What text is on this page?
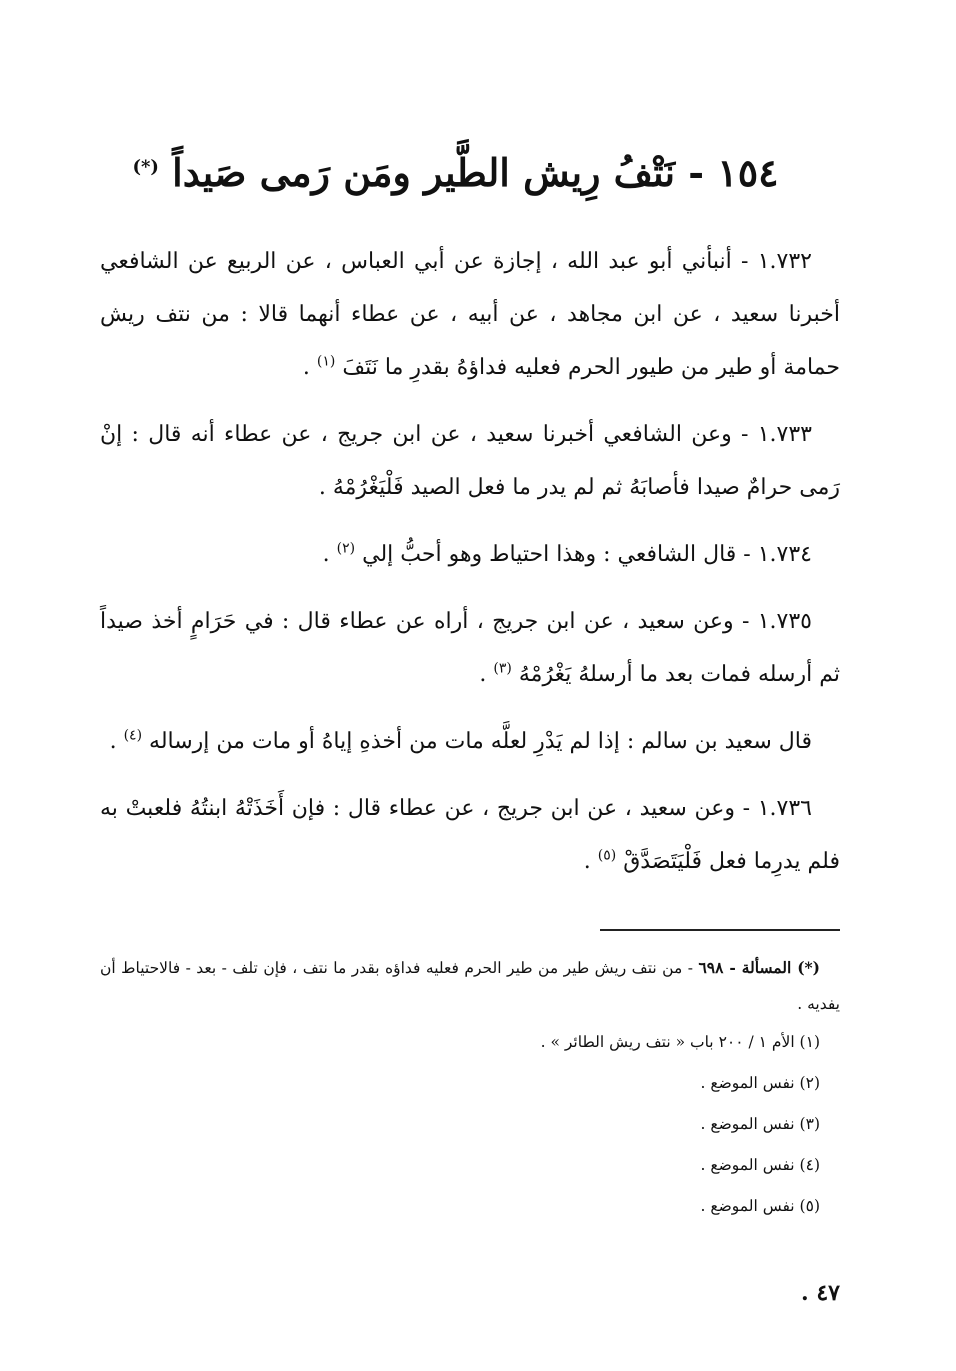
١٥٤ - نَتْفُ رِيش الطَّير ومَن رَمى صَيداً (*)

١.٧٣٢ - أنبأني أبو عبد الله ، إجازة عن أبي العباس ، عن الربيع عن الشافعي أخبرنا سعيد ، عن ابن مجاهد ، عن أبيه ، عن عطاء أنهما قالا : من نتف ريش حمامة أو طير من طيور الحرم فعليه فداؤهُ بقدرِ ما نَتَفَ $^{(١)}$ .

١.٧٣٣ - وعن الشافعي أخبرنا سعيد ، عن ابن جريج ، عن عطاء أنه قال : إنْ رَمى حرامٌ صيدا فأصابَهُ ثم لم يدر ما فعل الصيد فَلْيَغْرُمْهُ .

١.٧٣٤ - قال الشافعي : وهذا احتياط وهو أحبُّ إلي $^{(٢)}$ .

١.٧٣٥ - وعن سعيد ، عن ابن جريج ، أراه عن عطاء قال : في حَرَامٍ أخذ صيداً ثم أرسله فمات بعد ما أرسلهُ يَغْرُمْهُ $^{(٣)}$ .

قال سعيد بن سالم : إذا لم يَدْرِ لعلَّه مات من أخذهِ إياهُ أو مات من إرساله $^{(٤)}$ .

١.٧٣٦ - وعن سعيد ، عن ابن جريج ، عن عطاء قال : فإن أَخَذَتْهُ ابنتُهُ فلعبتْ به فلم يدرِما فعل فَلْيَتَصَدَّقْ $^{(٥)}$ .

(*) المسألة - ٦٩٨ - من نتف ريش طير من طير الحرم فعليه فداؤه بقدر ما نتف ، فإن تلف - بعد - فالاحتياط أن يفديه .

(١) الأم ١ / ٢٠٠ باب « نتف ريش الطائر » .
(٢) نفس الموضع .
(٣) نفس الموضع .
(٤) نفس الموضع .
(٥) نفس الموضع .
٤٧ .
